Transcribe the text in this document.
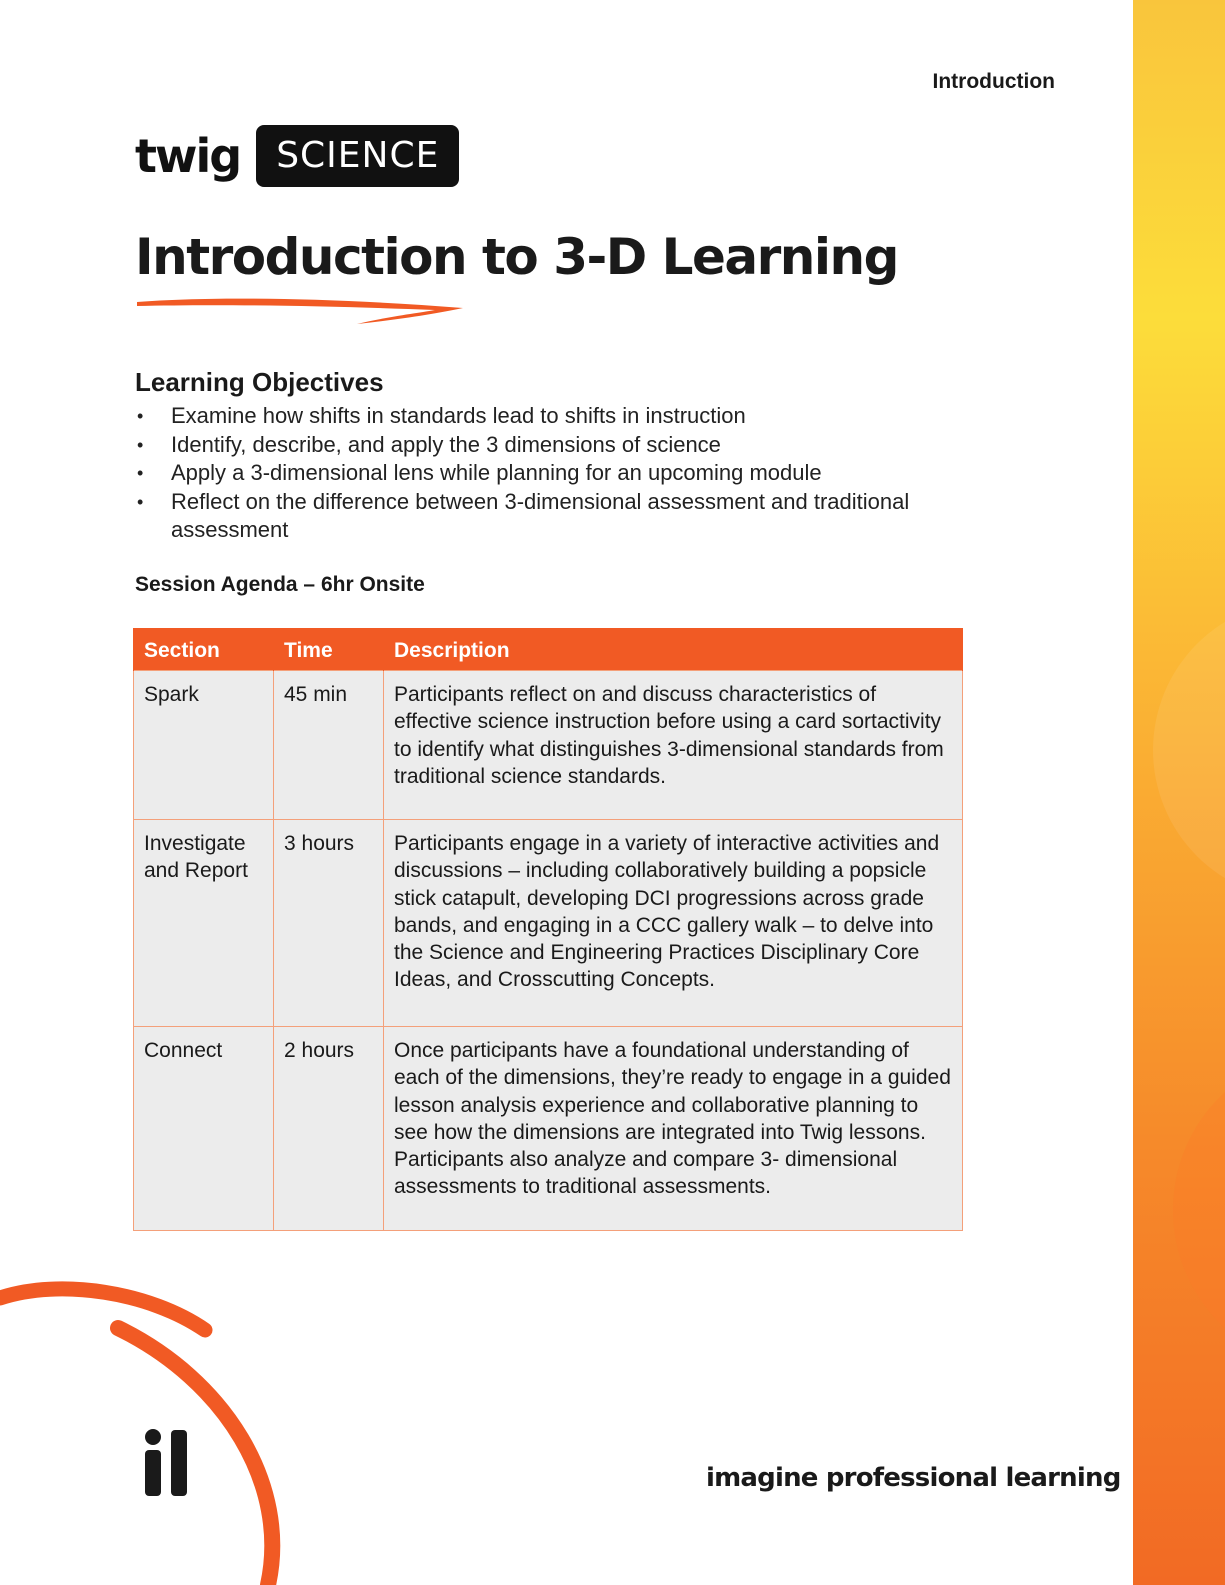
Introduction
twig	SCIENCE
Introduction to 3-D Learning
Learning Objectives
• Examine how shifts in standards lead to shifts in instruction
• Identify, describe, and apply the 3 dimensions of science
• Apply a 3-dimensional lens while planning for an upcoming module
• Reflect on the difference between 3-dimensional assessment and traditional assessment
Session Agenda – 6hr Onsite
Section	Time	Description
Spark	45 min	Participants reflect on and discuss characteristics of effective science instruction before using a card sortactivity to identify what distinguishes 3-dimensional standards from traditional science standards.
Investigate and Report	3 hours	Participants engage in a variety of interactive activities and discussions – including collaboratively building a popsicle stick catapult, developing DCI progressions across grade bands, and engaging in a CCC gallery walk – to delve into the Science and Engineering Practices Disciplinary Core Ideas, and Crosscutting Concepts.
Connect	2 hours	Once participants have a foundational understanding of each of the dimensions, they’re ready to engage in a guided lesson analysis experience and collaborative planning to see how the dimensions are integrated into Twig lessons. Participants also analyze and compare 3- dimensional assessments to traditional assessments.
imagine professional learning
